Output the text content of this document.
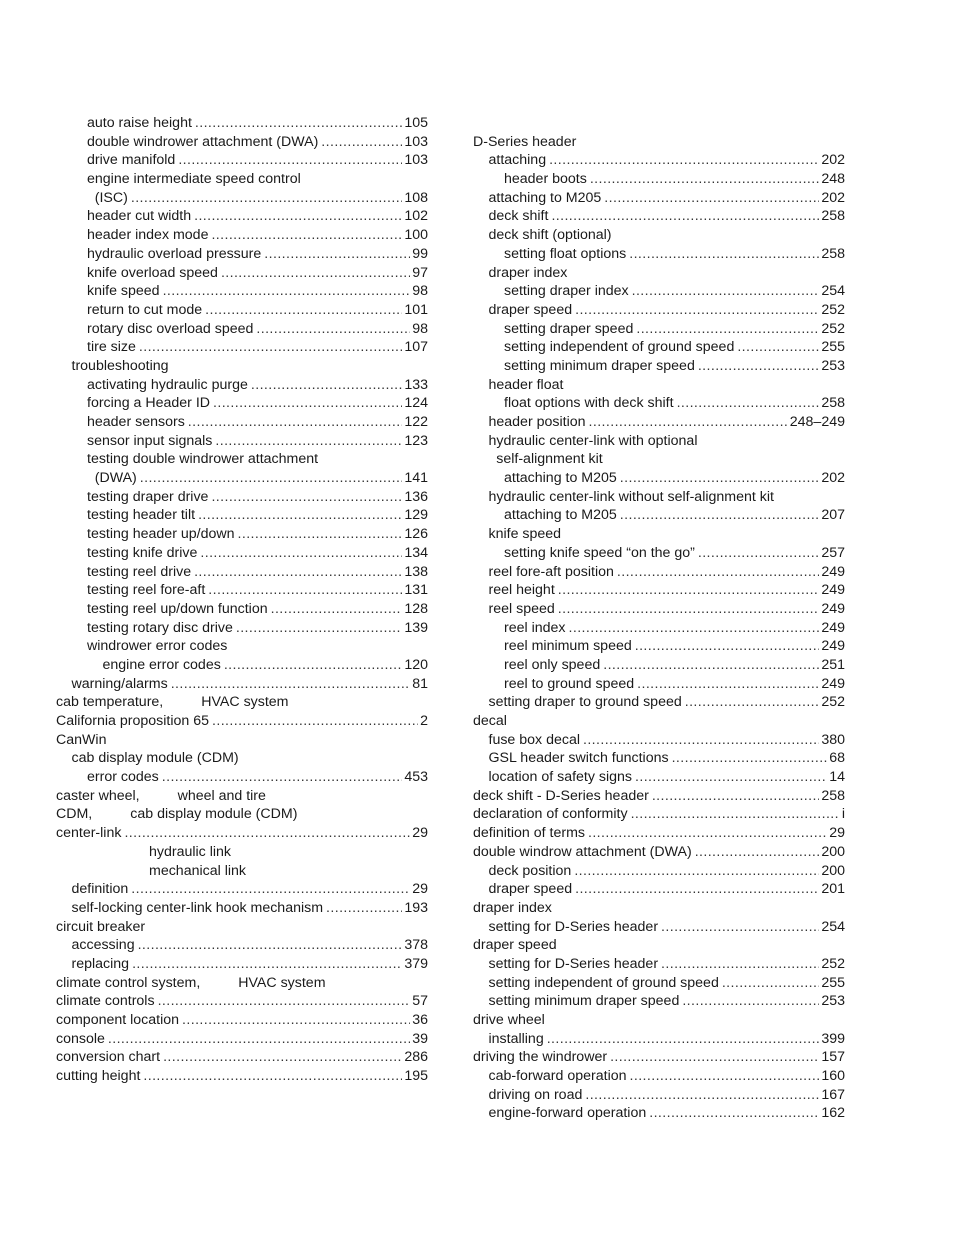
auto raise height .....	105
double windrower attachment (DWA) .....	103
drive manifold .....	103
engine intermediate speed control
(ISC) .....	108
header cut width .....	102
header index mode .....	100
hydraulic overload pressure .....	99
knife overload speed .....	97
knife speed .....	98
return to cut mode .....	101
rotary disc overload speed .....	98
tire size .....	107
troubleshooting
activating hydraulic purge .....	133
forcing a Header ID .....	124
header sensors .....	122
sensor input signals .....	123
testing double windrower attachment
(DWA) .....	141
testing draper drive .....	136
testing header tilt .....	129
testing header up/down .....	126
testing knife drive .....	134
testing reel drive .....	138
testing reel fore-aft .....	131
testing reel up/down function .....	128
testing rotary disc drive .....	139
windrower error codes
engine error codes .....	120
warning/alarms .....	81
cab temperature,	HVAC system
California proposition 65 .....	2
CanWin
cab display module (CDM)
error codes .....	453
caster wheel,	wheel and tire
CDM,	cab display module (CDM)
center-link .....	29
hydraulic link
mechanical link
definition .....	29
self-locking center-link hook mechanism .....	193
circuit breaker
accessing .....	378
replacing .....	379
climate control system,	HVAC system
climate controls .....	57
component location .....	36
console .....	39
conversion chart .....	286
cutting height .....	195
D-Series header
attaching .....	202
header boots .....	248
attaching to M205 .....	202
deck shift .....	258
deck shift (optional)
setting float options .....	258
draper index
setting draper index .....	254
draper speed .....	252
setting draper speed .....	252
setting independent of ground speed .....	255
setting minimum draper speed .....	253
header float
float options with deck shift .....	258
header position .....	248–249
hydraulic center-link with optional
self-alignment kit
attaching to M205 .....	202
hydraulic center-link without self-alignment kit
attaching to M205 .....	207
knife speed
setting knife speed “on the go” .....	257
reel fore-aft position .....	249
reel height .....	249
reel speed .....	249
reel index .....	249
reel minimum speed .....	249
reel only speed .....	251
reel to ground speed .....	249
setting draper to ground speed .....	252
decal
fuse box decal .....	380
GSL header switch functions .....	68
location of safety signs .....	14
deck shift - D-Series header .....	258
declaration of conformity .....	i
definition of terms .....	29
double windrow attachment (DWA) .....	200
deck position .....	200
draper speed .....	201
draper index
setting for D-Series header .....	254
draper speed
setting for D-Series header .....	252
setting independent of ground speed .....	255
setting minimum draper speed .....	253
drive wheel
installing .....	399
driving the windrower .....	157
cab-forward operation .....	160
driving on road .....	167
engine-forward operation .....	162
